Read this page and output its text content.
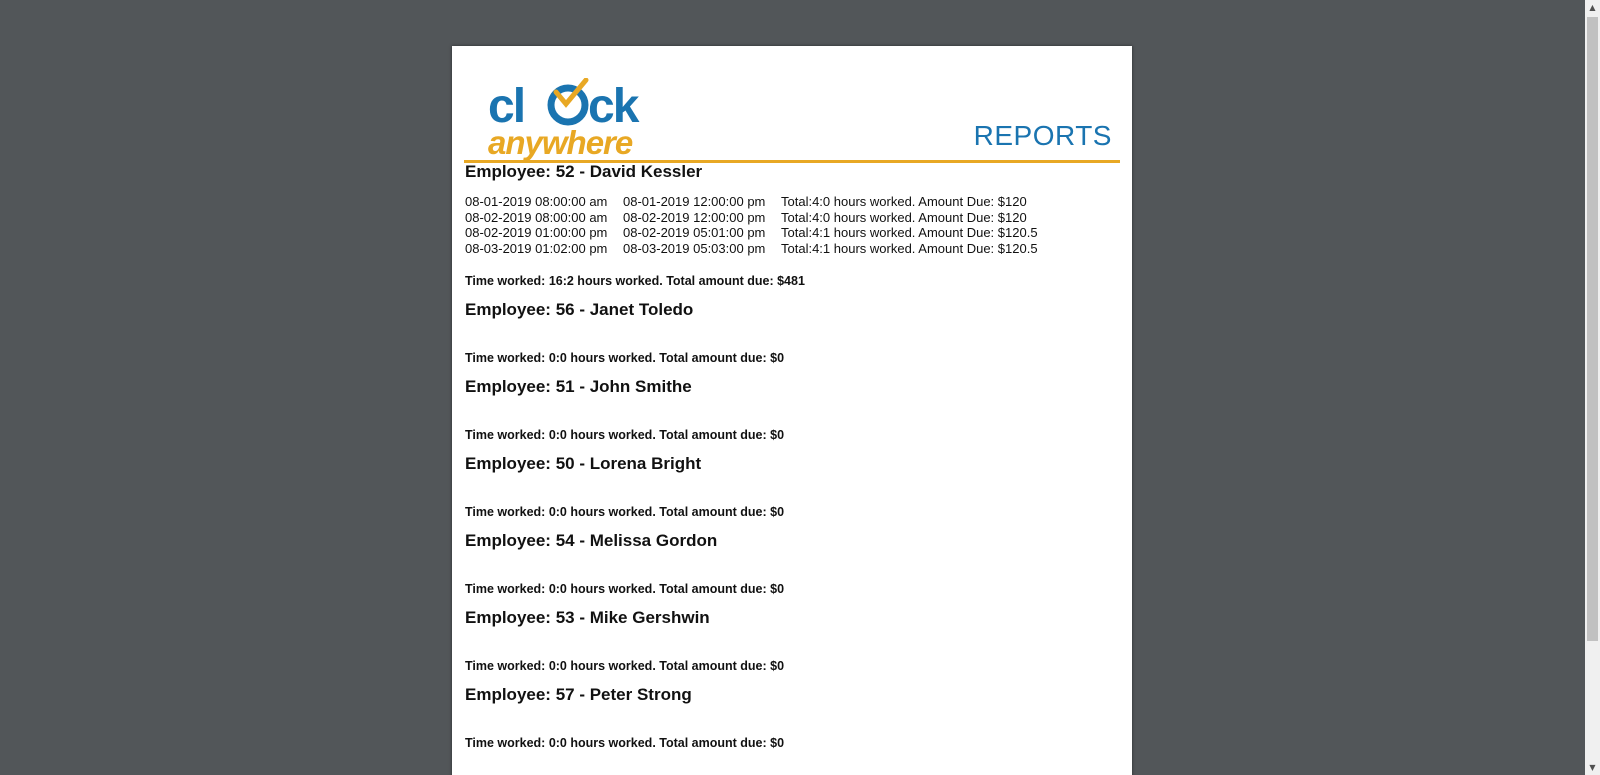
cl ck
anywhere	REPORTS
Employee: 52 - David Kessler
08-01-2019 08:00:00 am	08-01-2019 12:00:00 pm	Total:4:0 hours worked. Amount Due: $120
08-02-2019 08:00:00 am	08-02-2019 12:00:00 pm	Total:4:0 hours worked. Amount Due: $120
08-02-2019 01:00:00 pm	08-02-2019 05:01:00 pm	Total:4:1 hours worked. Amount Due: $120.5
08-03-2019 01:02:00 pm	08-03-2019 05:03:00 pm	Total:4:1 hours worked. Amount Due: $120.5
Time worked: 16:2 hours worked. Total amount due: $481
Employee: 56 - Janet Toledo
Time worked: 0:0 hours worked. Total amount due: $0
Employee: 51 - John Smithe
Time worked: 0:0 hours worked. Total amount due: $0
Employee: 50 - Lorena Bright
Time worked: 0:0 hours worked. Total amount due: $0
Employee: 54 - Melissa Gordon
Time worked: 0:0 hours worked. Total amount due: $0
Employee: 53 - Mike Gershwin
Time worked: 0:0 hours worked. Total amount due: $0
Employee: 57 - Peter Strong
Time worked: 0:0 hours worked. Total amount due: $0
▲
▼
